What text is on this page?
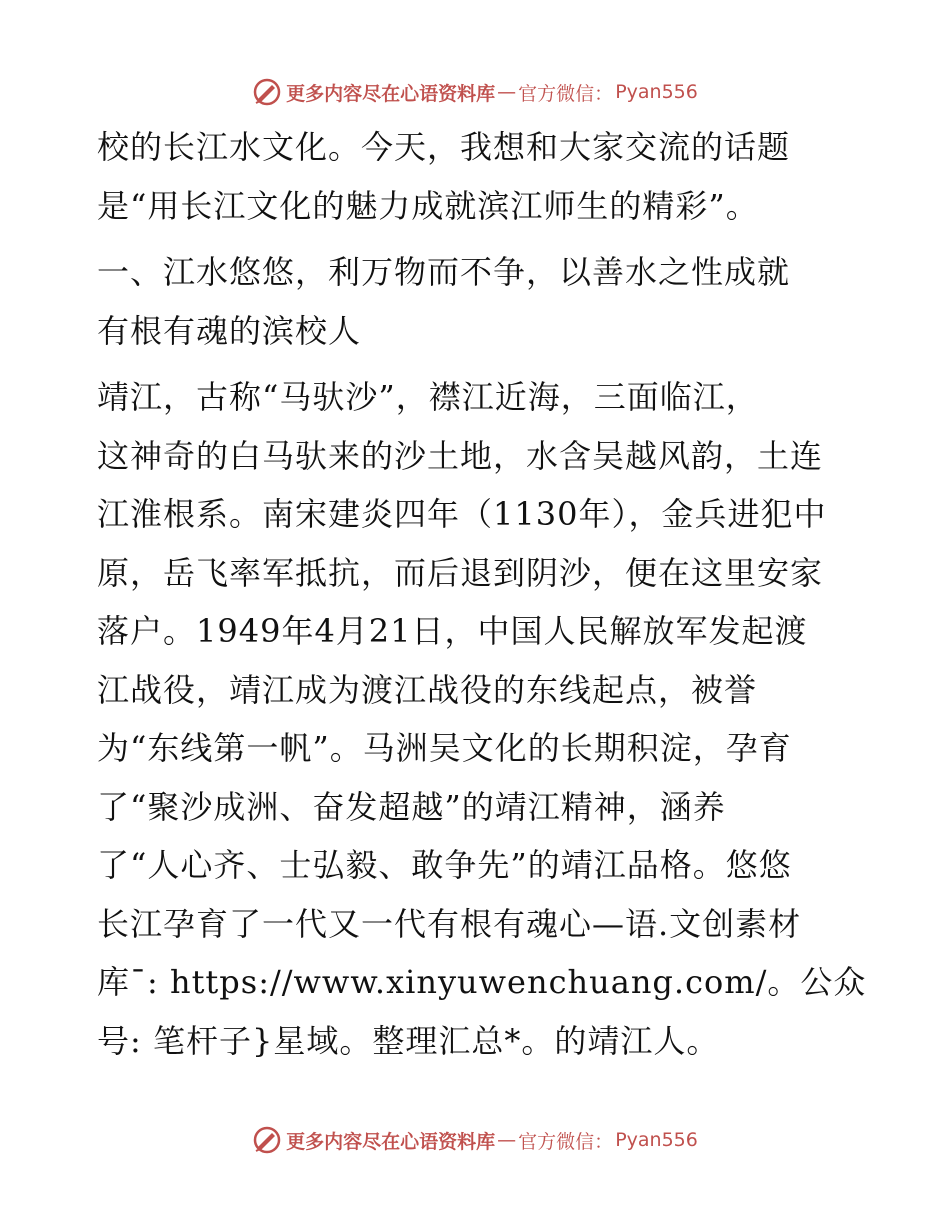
更多内容尽在心语资料库 — 官方微信： Pyan556
校的长江水文化。今天，我想和大家交流的话题
是“用长江文化的魅力成就滨江师生的精彩”。
一、江水悠悠，利万物而不争，以善水之性成就
有根有魂的滨校人
靖江，古称“马驮沙”，襟江近海，三面临江，
这神奇的白马驮来的沙土地，水含吴越风韵，土连
江淮根系。南宋建炎四年（1130年），金兵进犯中
原，岳飞率军抵抗，而后退到阴沙，便在这里安家
落户。1949年4月21日，中国人民解放军发起渡
江战役，靖江成为渡江战役的东线起点，被誉
为“东线第一帆”。马洲吴文化的长期积淀，孕育
了“聚沙成洲、奋发超越”的靖江精神，涵养
了“人心齐、士弘毅、敢争先”的靖江品格。悠悠
长江孕育了一代又一代有根有魂心—语.文创素材
库¯: https://www.xinyuwenchuang.com/。公众
号: 笔杆子}星域。整理汇总*。的靖江人。
更多内容尽在心语资料库 — 官方微信： Pyan556
